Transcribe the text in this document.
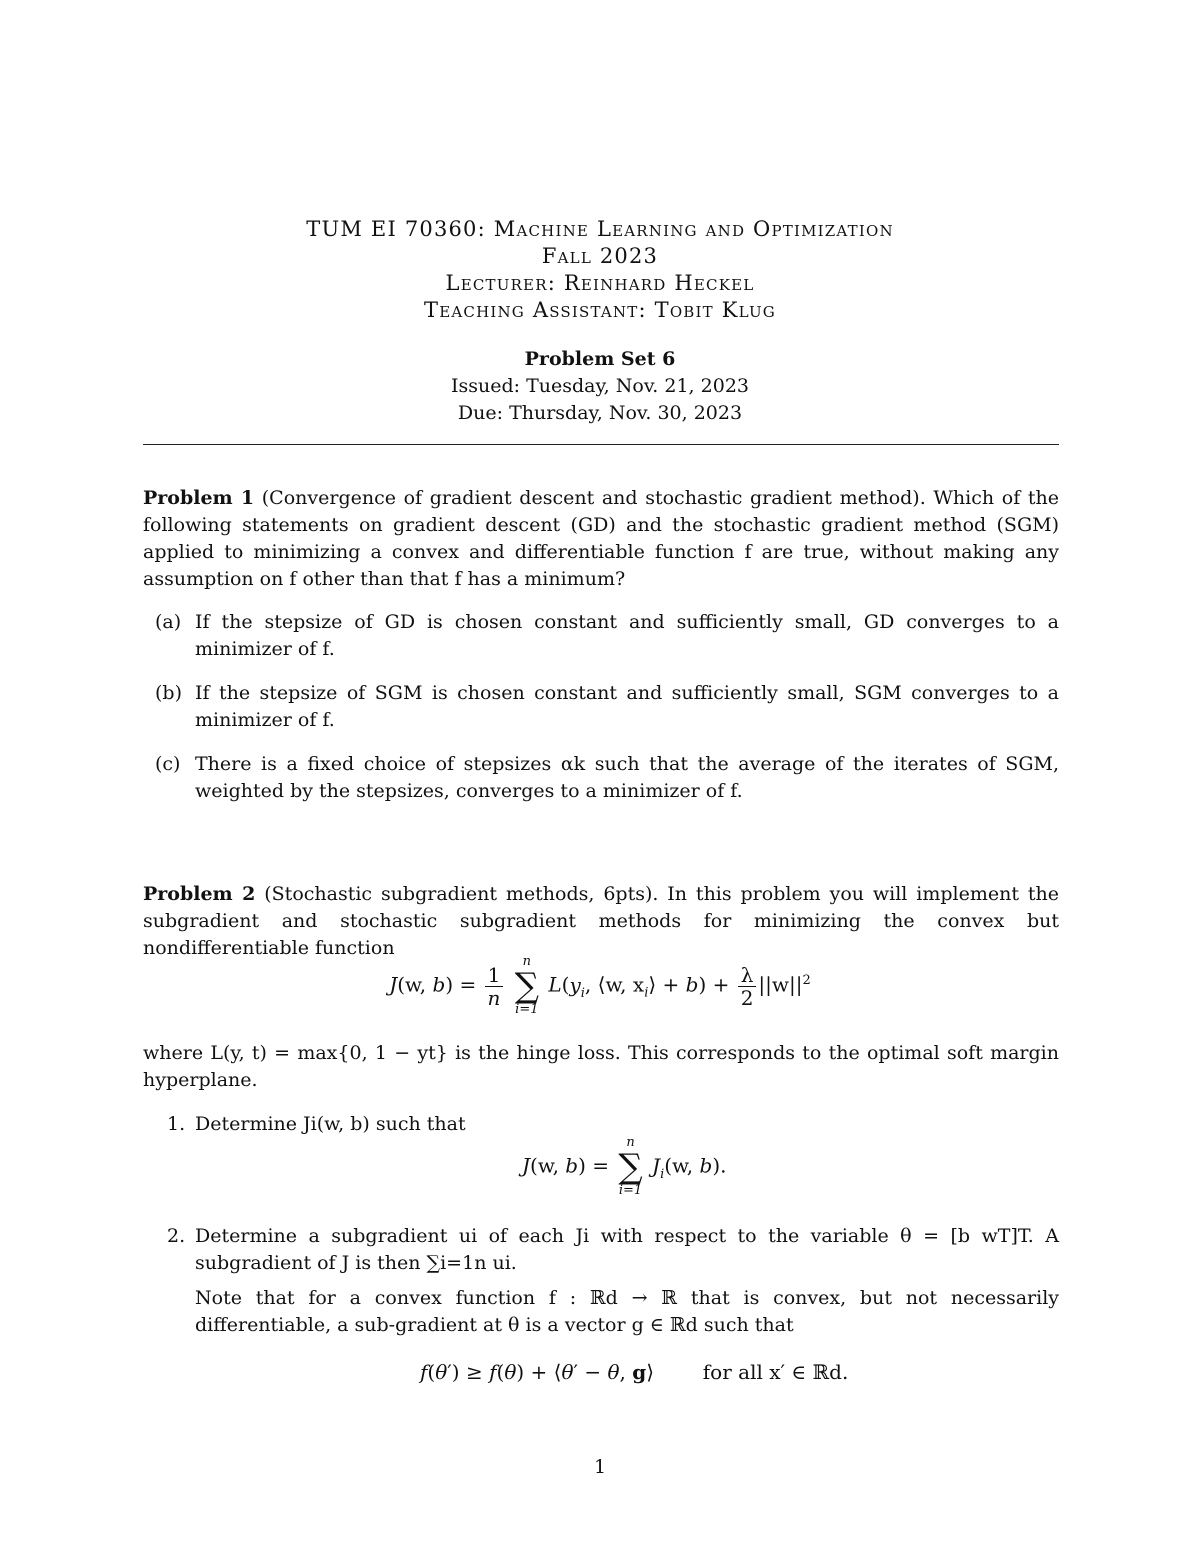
TUM EI 70360: Machine Learning and Optimization
Fall 2023
Lecturer: Reinhard Heckel
Teaching Assistant: Tobit Klug
Problem Set 6
Issued: Tuesday, Nov. 21, 2023
Due: Thursday, Nov. 30, 2023
Problem 1 (Convergence of gradient descent and stochastic gradient method). Which of the following statements on gradient descent (GD) and the stochastic gradient method (SGM) applied to minimizing a convex and differentiable function f are true, without making any assumption on f other than that f has a minimum?
(a) If the stepsize of GD is chosen constant and sufficiently small, GD converges to a minimizer of f.
(b) If the stepsize of SGM is chosen constant and sufficiently small, SGM converges to a minimizer of f.
(c) There is a fixed choice of stepsizes αk such that the average of the iterates of SGM, weighted by the stepsizes, converges to a minimizer of f.
Problem 2 (Stochastic subgradient methods, 6pts). In this problem you will implement the subgradient and stochastic subgradient methods for minimizing the convex but nondifferentiable function
J(w, $b) = \frac{1}{n}$

n
∑
i=1
$L(y_i$, ⟨w, $x_i⟩ + b) + \frac{\lambda}{2} ||w||^2$
where L(y, t) = max{0, 1 − yt} is the hinge loss. This corresponds to the optimal soft margin hyperplane.
1. Determine Ji(w, b) such that
J(w, b) =
n
∑
i=1
$J_i(w$, b).
2. Determine a subgradient ui of each Ji with respect to the variable θ = [b wT]T. A subgradient of J is then ∑i=1n ui.
Note that for a convex function f : ℝd → ℝ that is convex, but not necessarily differentiable, a sub-gradient at θ is a vector g ∈ ℝd such that
f(θ′) ≥ f(θ) + ⟨θ′ − θ, g⟩  for all x′ ∈ ℝd.
1
